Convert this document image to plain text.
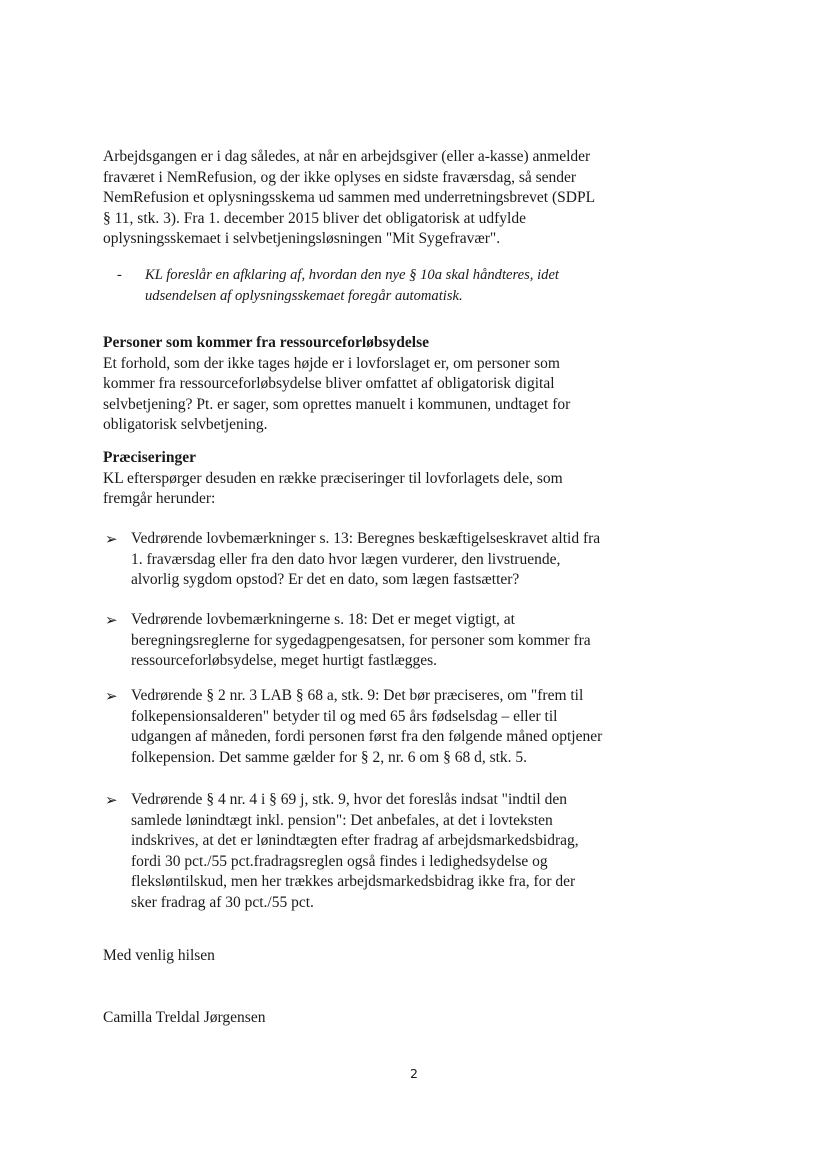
Arbejdsgangen er i dag således, at når en arbejdsgiver (eller a-kasse) anmelder fraværet i NemRefusion, og der ikke oplyses en sidste fraværsdag, så sender NemRefusion et oplysningsskema ud sammen med underretningsbrevet (SDPL § 11, stk. 3). Fra 1. december 2015 bliver det obligatorisk at udfylde oplysningsskemaet i selvbetjeningsløsningen "Mit Sygefravær".

-	KL foreslår en afklaring af, hvordan den nye § 10a skal håndteres, idet udsendelsen af oplysningsskemaet foregår automatisk.
Personer som kommer fra ressourceforløbsydelse
Et forhold, som der ikke tages højde er i lovforslaget er, om personer som kommer fra ressourceforløbsydelse bliver omfattet af obligatorisk digital selvbetjening? Pt. er sager, som oprettes manuelt i kommunen, undtaget for obligatorisk selvbetjening.
Præciseringer
KL efterspørger desuden en række præciseringer til lovforlagets dele, som fremgår herunder:
➢ Vedrørende lovbemærkninger s. 13: Beregnes beskæftigelseskravet altid fra 1. fraværsdag eller fra den dato hvor lægen vurderer, den livstruende, alvorlig sygdom opstod? Er det en dato, som lægen fastsætter?
➢ Vedrørende lovbemærkningerne s. 18: Det er meget vigtigt, at beregningsreglerne for sygedagpengesatsen, for personer som kommer fra ressourceforløbsydelse, meget hurtigt fastlægges.
➢ Vedrørende § 2 nr. 3 LAB § 68 a, stk. 9: Det bør præciseres, om "frem til folkepensionsalderen" betyder til og med 65 års fødselsdag – eller til udgangen af måneden, fordi personen først fra den følgende måned optjener folkepension. Det samme gælder for § 2, nr. 6 om § 68 d, stk. 5.
➢ Vedrørende § 4 nr. 4 i § 69 j, stk. 9, hvor det foreslås indsat "indtil den samlede lønindtægt inkl. pension": Det anbefales, at det i lovteksten indskrives, at det er lønindtægten efter fradrag af arbejdsmarkedsbidrag, fordi 30 pct./55 pct.fradragsreglen også findes i ledighedsydelse og fleksløntilskud, men her trækkes arbejdsmarkedsbidrag ikke fra, for der sker fradrag af 30 pct./55 pct.

Med venlig hilsen

Camilla Treldal Jørgensen

2
